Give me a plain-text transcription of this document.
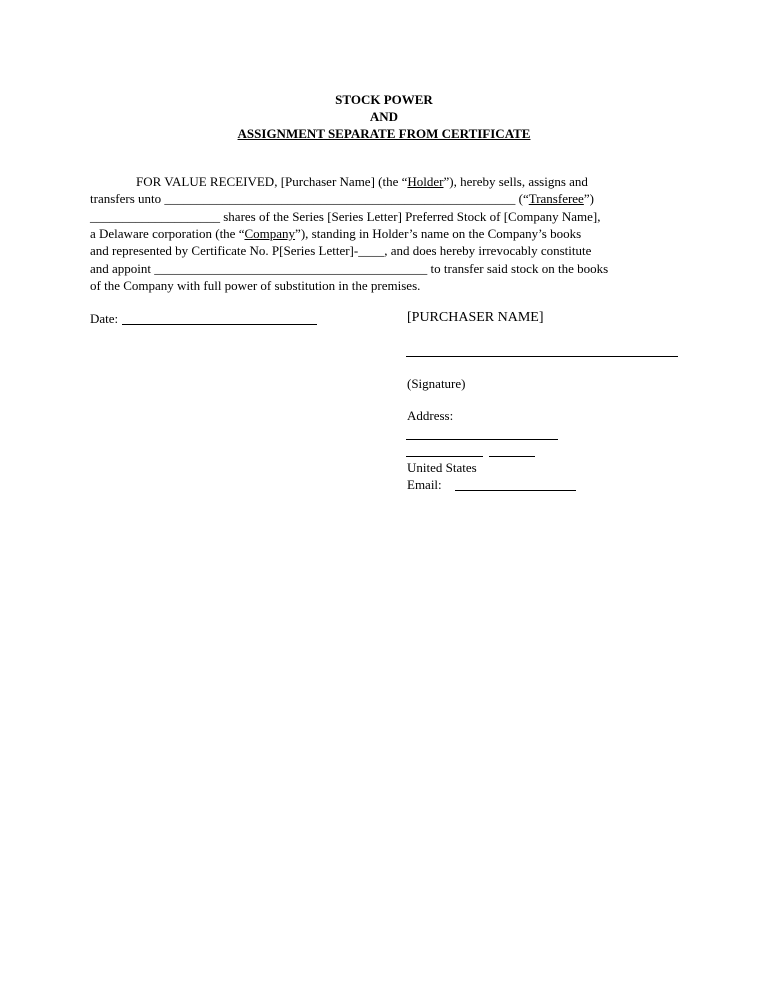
STOCK POWER
AND
ASSIGNMENT SEPARATE FROM CERTIFICATE
FOR VALUE RECEIVED, [Purchaser Name] (the “Holder”), hereby sells, assigns and
transfers unto ______________________________________________________ (“Transferee”)
____________________ shares of the Series [Series Letter] Preferred Stock of [Company Name],
a Delaware corporation (the “Company”), standing in Holder’s name on the Company’s books
and represented by Certificate No. P[Series Letter]-____, and does hereby irrevocably constitute
and appoint __________________________________________ to transfer said stock on the books
of the Company with full power of substitution in the premises.
Date:	[PURCHASER NAME]
(Signature)
Address:
United States
Email:
